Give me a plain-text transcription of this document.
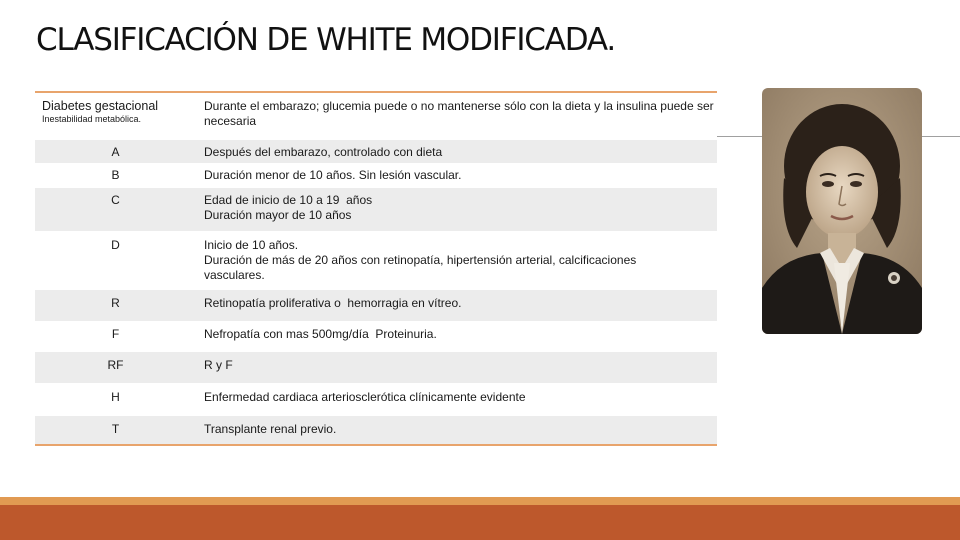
CLASIFICACIÓN DE WHITE MODIFICADA.
Diabetes gestacional
Inestabilidad metabólica.	Durante el embarazo; glucemia puede o no mantenerse sólo con la dieta y la insulina puede ser necesaria
A	Después del embarazo, controlado con dieta

B	Duración menor de 10 años. Sin lesión vascular.

C	Edad de inicio de 10 a 19  años
Duración mayor de 10 años

D	Inicio de 10 años.
Duración de más de 20 años con retinopatía, hipertensión arterial, calcificaciones vasculares.

R	Retinopatía proliferativa o  hemorragia en vítreo.

F	Nefropatía con mas 500mg/día  Proteinuria.

RF	R y F

H	Enfermedad cardiaca arteriosclerótica clínicamente evidente

T	Transplante renal previo.
